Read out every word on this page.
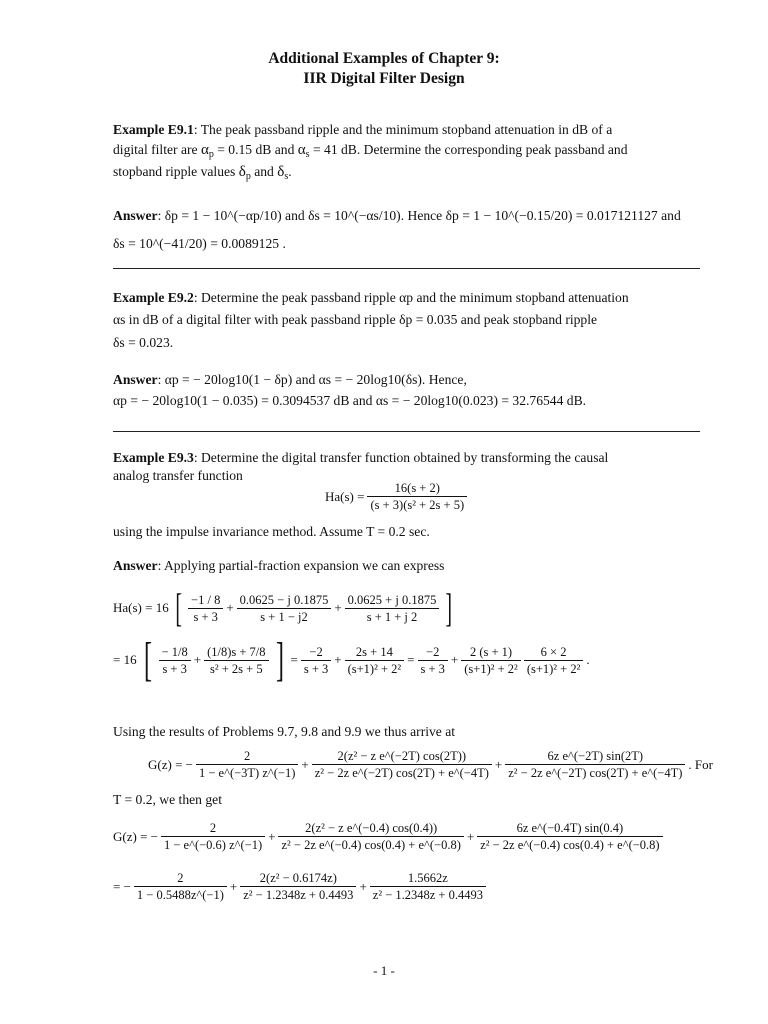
Additional Examples of Chapter 9:
IIR Digital Filter Design
Example E9.1: The peak passband ripple and the minimum stopband attenuation in dB of a
digital filter are $\alpha_p = 0.15$ dB and $\alpha_s = 41$ dB. Determine the corresponding peak passband and
stopband ripple values $\delta_p$ and $\delta_s$.
Answer: δp = 1 − 10^(−αp/10) and δs = 10^(−αs/10). Hence δp = 1 − 10^(−0.15/20) = 0.017121127 and
δs = 10^(−41/20) = 0.0089125 .
Example E9.2: Determine the peak passband ripple αp and the minimum stopband attenuation
αs in dB of a digital filter with peak passband ripple δp = 0.035 and peak stopband ripple
δs = 0.023.
Answer: αp = − 20log10(1 − δp) and αs = − 20log10(δs). Hence,
αp = − 20log10(1 − 0.035) = 0.3094537 dB and αs = − 20log10(0.023) = 32.76544 dB.
Example E9.3: Determine the digital transfer function obtained by transforming the causal
analog transfer function
$Ha(s) = \frac{16(s + 2)}{\text{(s + 3)(s² + 2s + 5)}}$
using the impulse invariance method. Assume T = 0.2 sec.
Answer: Applying partial-fraction expansion we can express
Ha(s) = 16 [ $\frac{-1 / 8}{s + 3} + \frac{0.0625 - j 0.1875}{s + 1 - j2} + \frac{0.0625 + j 0.1875}{s + 1 + j 2}$ ]
= 16 [ $\frac{- 1/8}{s + 3} + \frac{(1/8)s + 7/8}{\text{s² + 2s + 5}}$ ] = $\frac{-2}{s + 3} + \frac{2s + 14}{\text{(s+1)² + 2²}} = \frac{-2}{s + 3} + \frac{2 (s + 1)}{\text{(s+1)² + 2²}} \frac{6 \times 2}{\text{(s+1)² + 2²}}$ .
Using the results of Problems 9.7, 9.8 and 9.9 we thus arrive at
G(z) = − $\frac{2}{1 - e\^{}(-3T) z\^{}(-1)} + \frac{\text{2(z² − z e\textasciicircum{}(−2T) cos(2T))}}{\text{z² − 2z e\textasciicircum{}(−2T) cos(2T) + e\textasciicircum{}(−4T)}} + \frac{\text{6z e\textasciicircum{}(−2T) sin(2T)}}{\text{z² − 2z e\textasciicircum{}(−2T) cos(2T) + e\textasciicircum{}(−4T)}}$ . For
T = 0.2, we then get
G(z) = − $\frac{2}{1 - e\^{}(-0.6) z\^{}(-1)} + \frac{\text{2(z² − z e\textasciicircum{}(−0.4) cos(0.4))}}{\text{z² − 2z e\textasciicircum{}(−0.4) cos(0.4) + e\textasciicircum{}(−0.8)}} + \frac{\text{6z e\textasciicircum{}(−0.4T) sin(0.4)}}{\text{z² − 2z e\textasciicircum{}(−0.4) cos(0.4) + e\textasciicircum{}(−0.8)}}$
= − $\frac{2}{1 - 0.5488z\^{}(-1)} + \frac{\text{2(z² − 0.6174z)}}{\text{z² − 1.2348z + 0.4493}} + \frac{1.5662z}{\text{z² − 1.2348z + 0.4493}}$
- 1 -
